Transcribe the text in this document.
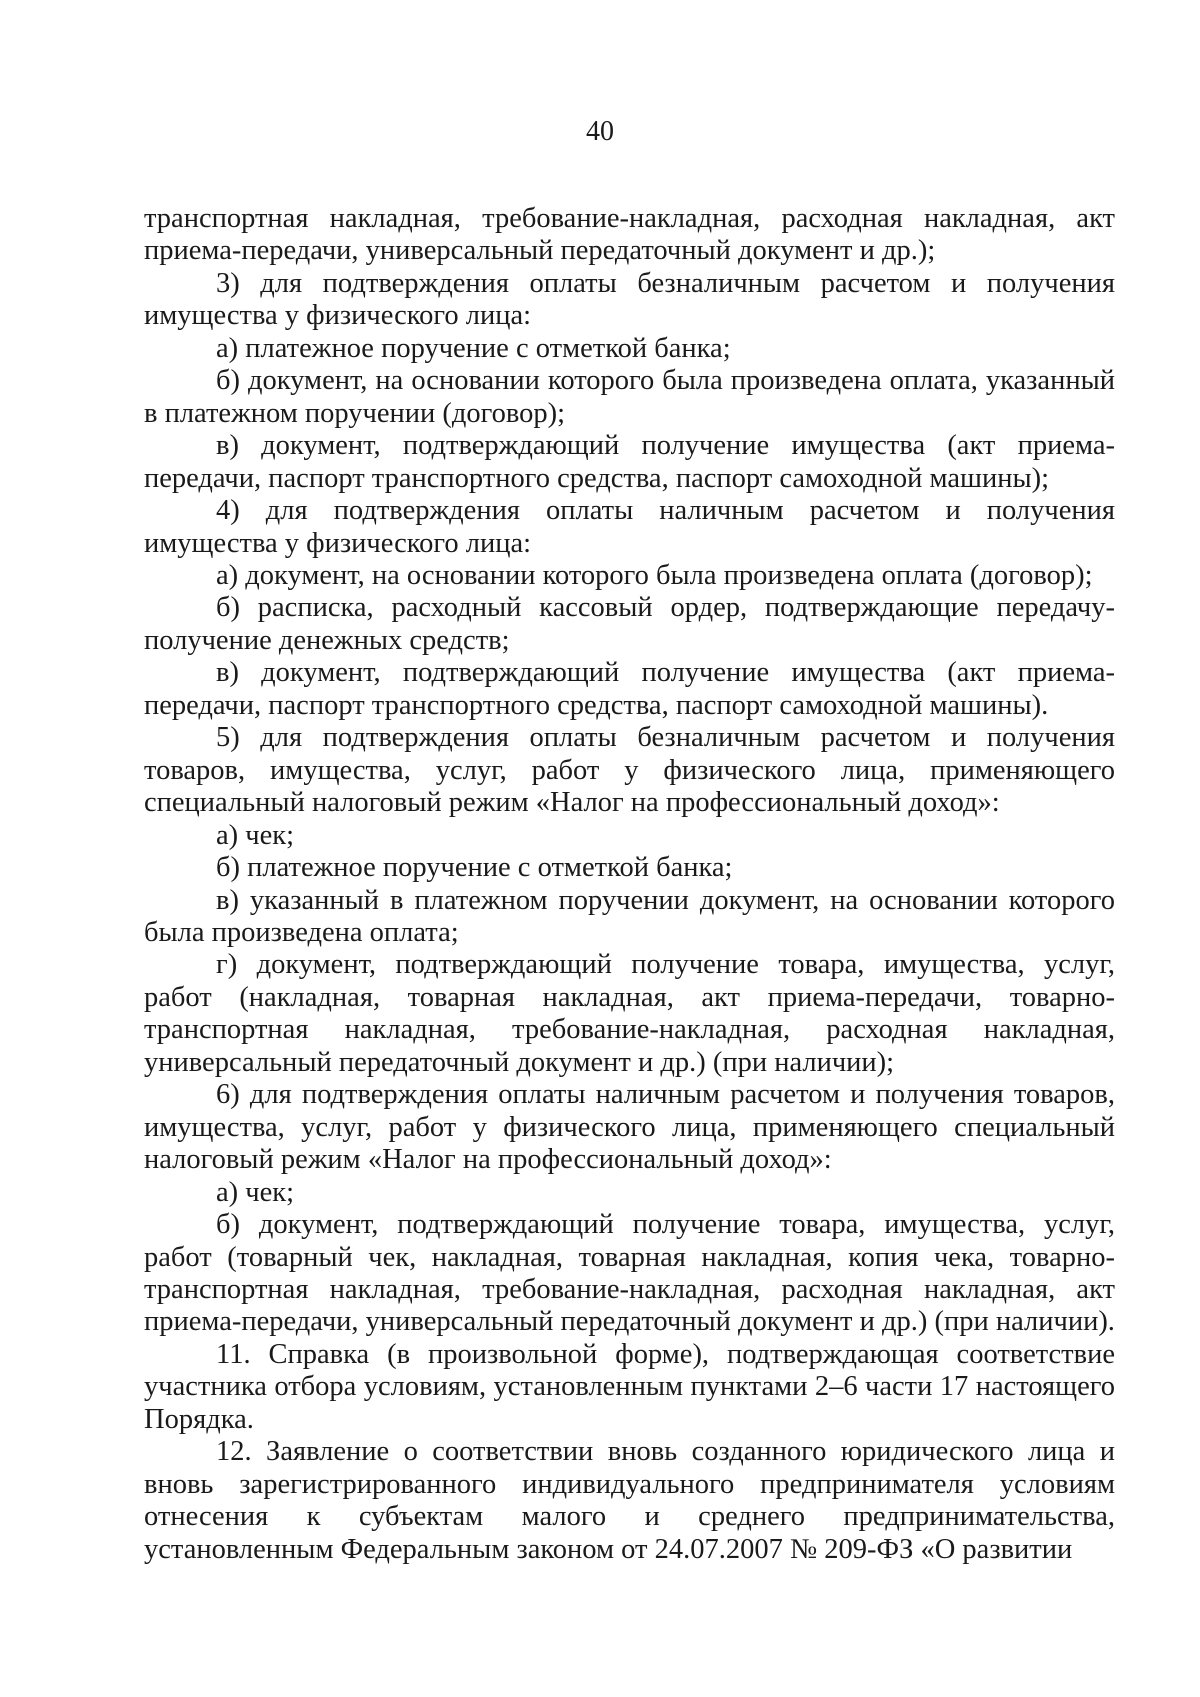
40

транспортная накладная, требование-накладная, расходная накладная, акт приема-передачи, универсальный передаточный документ и др.);

3) для подтверждения оплаты безналичным расчетом и получения имущества у физического лица:

а) платежное поручение с отметкой банка;

б) документ, на основании которого была произведена оплата, указанный в платежном поручении (договор);

в) документ, подтверждающий получение имущества (акт приема-передачи, паспорт транспортного средства, паспорт самоходной машины);

4) для подтверждения оплаты наличным расчетом и получения имущества у физического лица:

а) документ, на основании которого была произведена оплата (договор);

б) расписка, расходный кассовый ордер, подтверждающие передачу-получение денежных средств;

в) документ, подтверждающий получение имущества (акт приема-передачи, паспорт транспортного средства, паспорт самоходной машины).

5) для подтверждения оплаты безналичным расчетом и получения товаров, имущества, услуг, работ у физического лица, применяющего специальный налоговый режим «Налог на профессиональный доход»:

а) чек;

б) платежное поручение с отметкой банка;

в) указанный в платежном поручении документ, на основании которого была произведена оплата;

г) документ, подтверждающий получение товара, имущества, услуг, работ (накладная, товарная накладная, акт приема-передачи, товарно-транспортная накладная, требование-накладная, расходная накладная, универсальный передаточный документ и др.) (при наличии);

6) для подтверждения оплаты наличным расчетом и получения товаров, имущества, услуг, работ у физического лица, применяющего специальный налоговый режим «Налог на профессиональный доход»:

а) чек;

б) документ, подтверждающий получение товара, имущества, услуг, работ (товарный чек, накладная, товарная накладная, копия чека, товарно-транспортная накладная, требование-накладная, расходная накладная, акт приема-передачи, универсальный передаточный документ и др.) (при наличии).

11. Справка (в произвольной форме), подтверждающая соответствие участника отбора условиям, установленным пунктами 2–6 части 17 настоящего Порядка.

12. Заявление о соответствии вновь созданного юридического лица и вновь зарегистрированного индивидуального предпринимателя условиям отнесения к субъектам малого и среднего предпринимательства, установленным Федеральным законом от 24.07.2007 № 209-ФЗ «О развитии
